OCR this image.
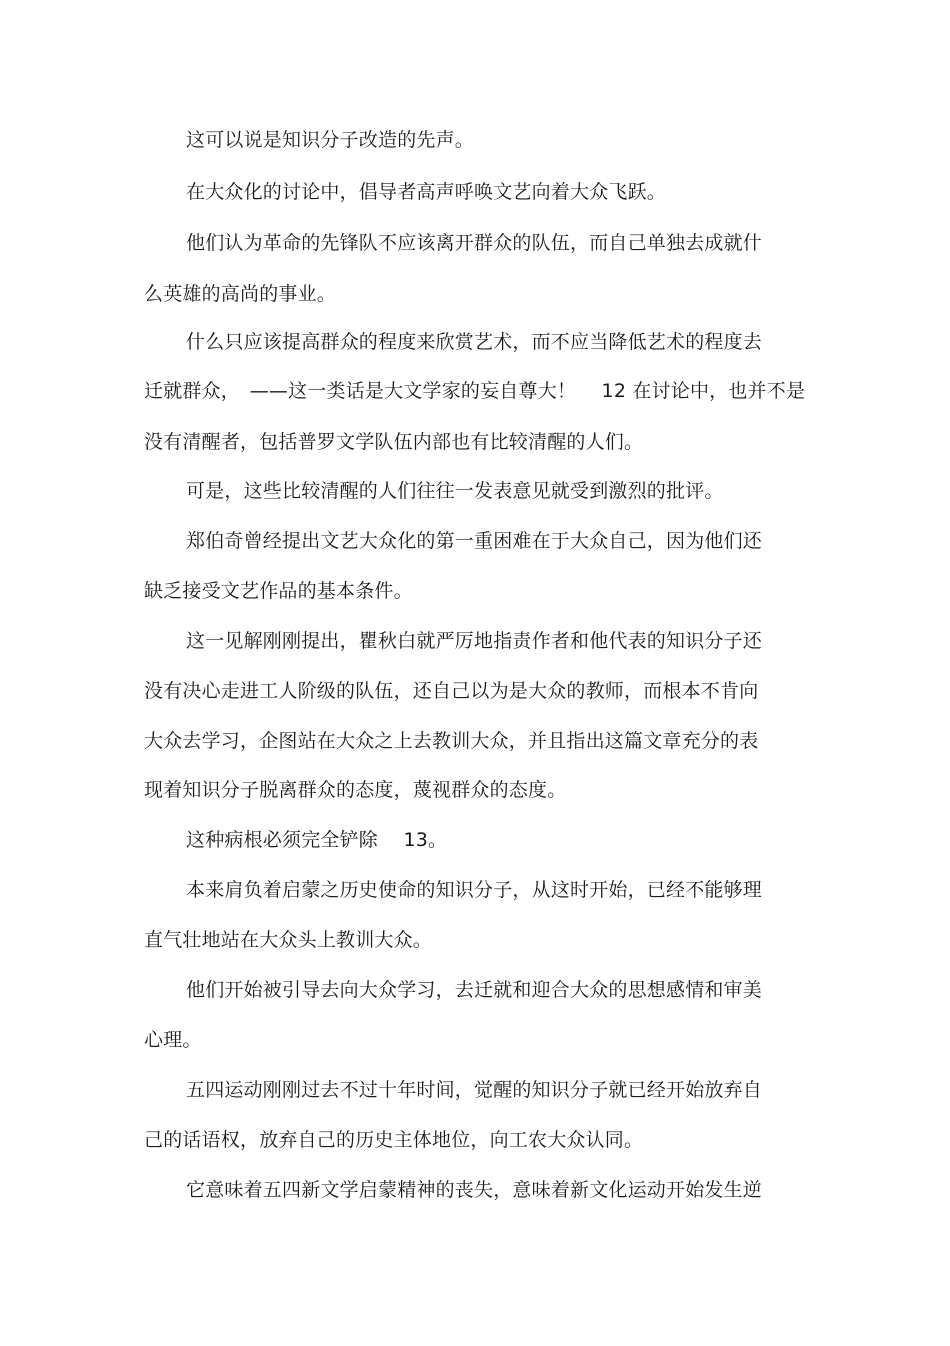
这可以说是知识分子改造的先声。
在大众化的讨论中，倡导者高声呼唤文艺向着大众飞跃。
他们认为革命的先锋队不应该离开群众的队伍，而自己单独去成就什
么英雄的高尚的事业。
什么只应该提高群众的程度来欣赏艺术，而不应当降低艺术的程度去
迁就群众，　——这一类话是大文学家的妄自尊大！　 12 在讨论中，也并不是
没有清醒者，包括普罗文学队伍内部也有比较清醒的人们。
可是，这些比较清醒的人们往往一发表意见就受到激烈的批评。
郑伯奇曾经提出文艺大众化的第一重困难在于大众自己，因为他们还
缺乏接受文艺作品的基本条件。
这一见解刚刚提出，瞿秋白就严厉地指责作者和他代表的知识分子还
没有决心走进工人阶级的队伍，还自己以为是大众的教师，而根本不肯向
大众去学习，企图站在大众之上去教训大众，并且指出这篇文章充分的表
现着知识分子脱离群众的态度，蔑视群众的态度。
这种病根必须完全铲除　 13。
本来肩负着启蒙之历史使命的知识分子，从这时开始，已经不能够理
直气壮地站在大众头上教训大众。
他们开始被引导去向大众学习，去迁就和迎合大众的思想感情和审美
心理。
五四运动刚刚过去不过十年时间，觉醒的知识分子就已经开始放弃自
己的话语权，放弃自己的历史主体地位，向工农大众认同。
它意味着五四新文学启蒙精神的丧失，意味着新文化运动开始发生逆
